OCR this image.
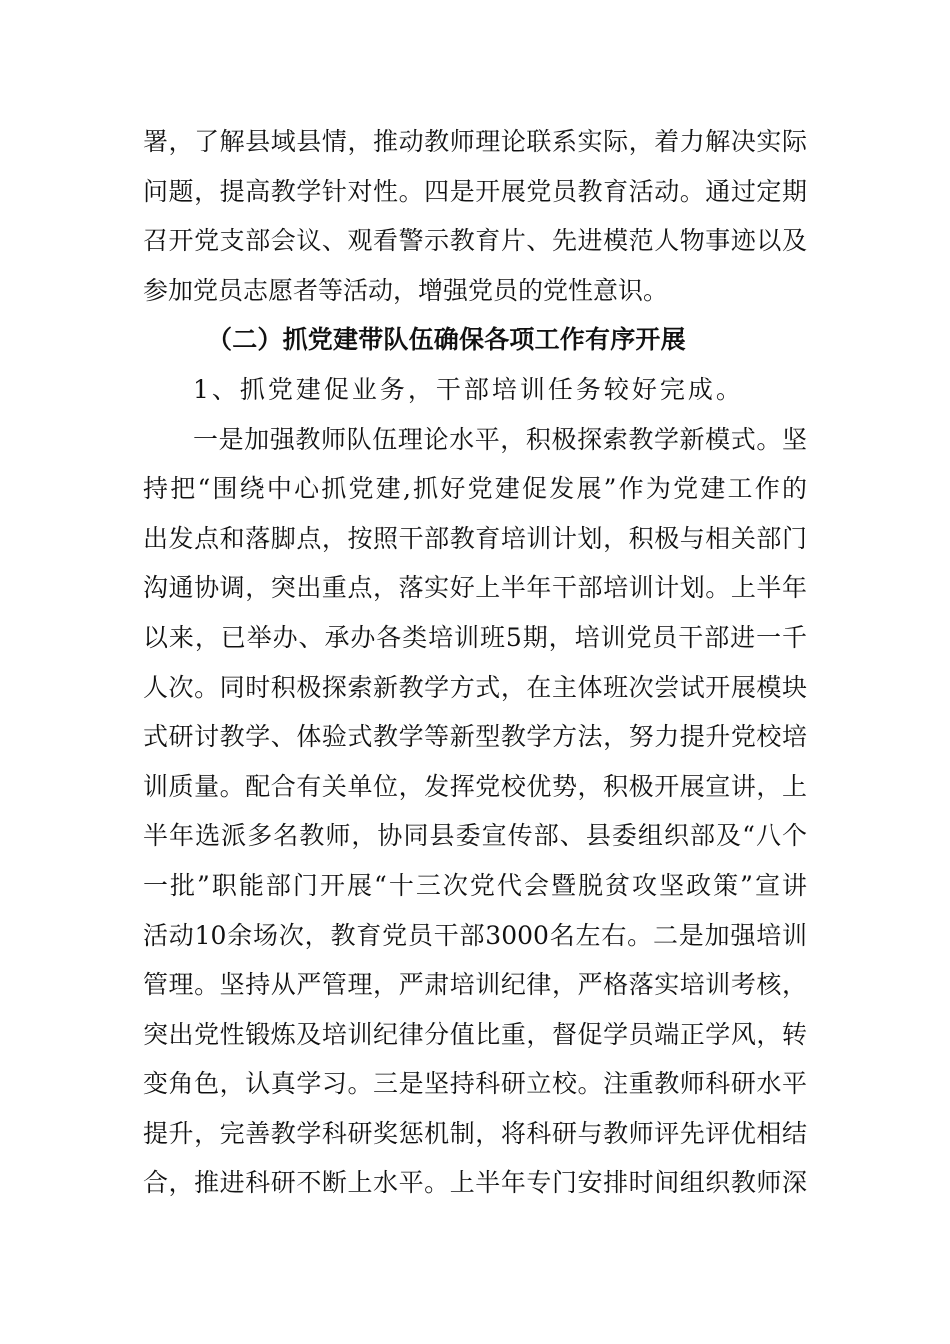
署，了解县域县情，推动教师理论联系实际，着力解决实际
问题，提高教学针对性。四是开展党员教育活动。通过定期
召开党支部会议、观看警示教育片、先进模范人物事迹以及
参加党员志愿者等活动，增强党员的党性意识。
（二）抓党建带队伍确保各项工作有序开展
1、抓党建促业务，干部培训任务较好完成。
一是加强教师队伍理论水平，积极探索教学新模式。坚
持把“围绕中心抓党建,抓好党建促发展”作为党建工作的
出发点和落脚点，按照干部教育培训计划，积极与相关部门
沟通协调，突出重点，落实好上半年干部培训计划。上半年
以来，已举办、承办各类培训班5期，培训党员干部进一千
人次。同时积极探索新教学方式，在主体班次尝试开展模块
式研讨教学、体验式教学等新型教学方法，努力提升党校培
训质量。配合有关单位，发挥党校优势，积极开展宣讲，上
半年选派多名教师，协同县委宣传部、县委组织部及“八个
一批”职能部门开展“十三次党代会暨脱贫攻坚政策”宣讲
活动10余场次，教育党员干部3000名左右。二是加强培训
管理。坚持从严管理，严肃培训纪律，严格落实培训考核，
突出党性锻炼及培训纪律分值比重，督促学员端正学风，转
变角色，认真学习。三是坚持科研立校。注重教师科研水平
提升，完善教学科研奖惩机制，将科研与教师评先评优相结
合，推进科研不断上水平。上半年专门安排时间组织教师深
